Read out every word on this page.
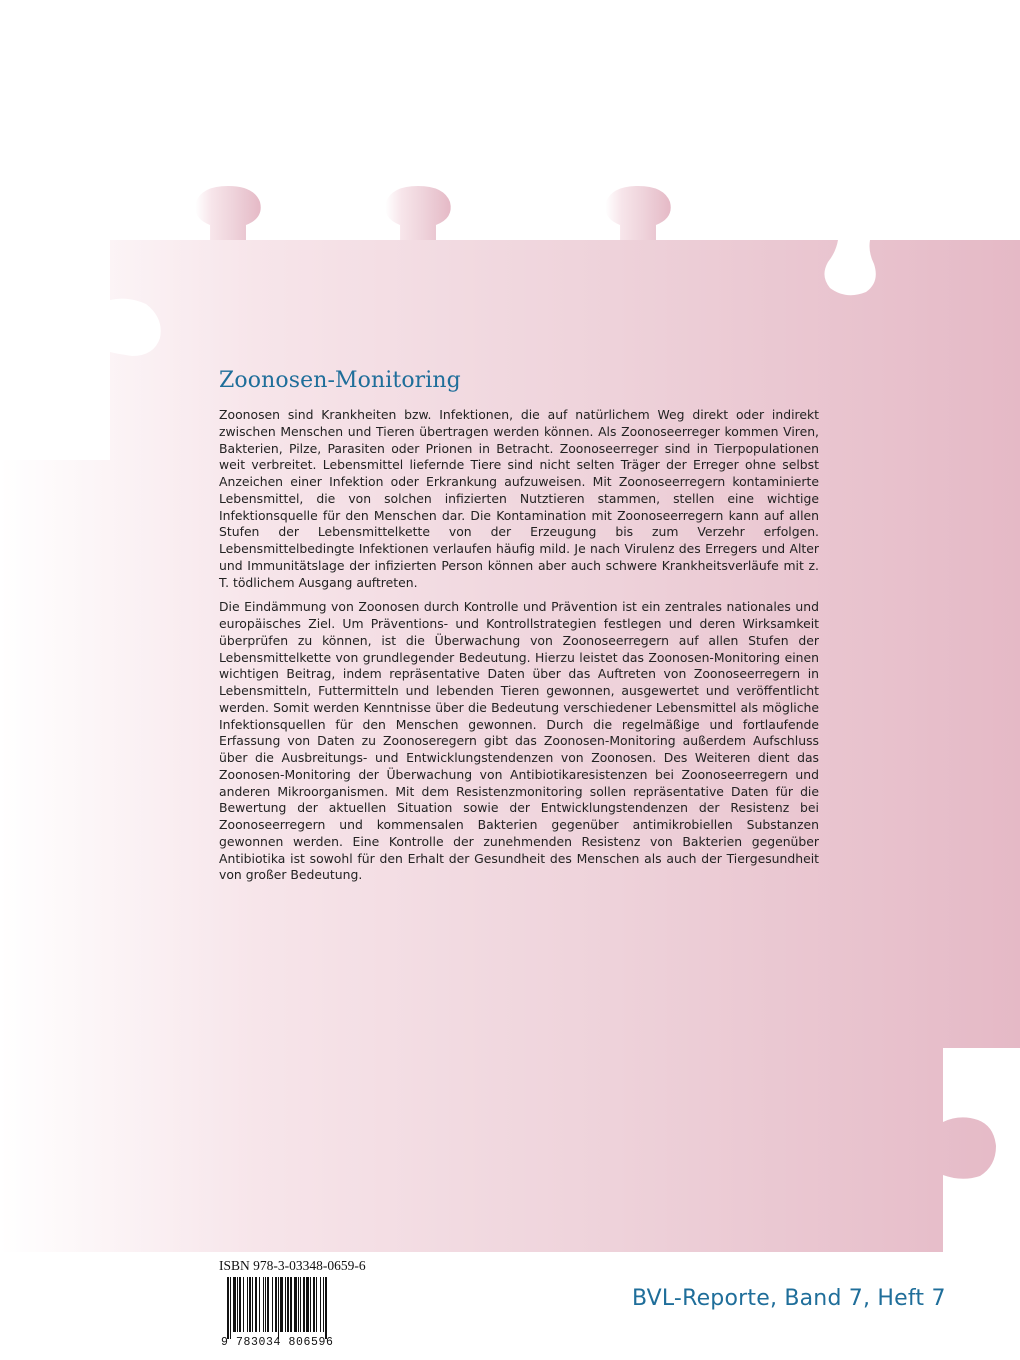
Zoonosen-Monitoring

Zoonosen sind Krankheiten bzw. Infektionen, die auf natürlichem Weg direkt oder indirekt zwischen Menschen und Tieren übertragen werden können. Als Zoonoseerreger kommen Viren, Bakterien, Pilze, Parasiten oder Prionen in Betracht. Zoonoseerreger sind in Tierpopulationen weit verbreitet. Lebensmittel liefernde Tiere sind nicht selten Träger der Erreger ohne selbst Anzeichen einer Infektion oder Erkrankung aufzuweisen. Mit Zoonoseerregern kontaminierte Lebensmittel, die von solchen infizierten Nutztieren stammen, stellen eine wichtige Infektionsquelle für den Menschen dar. Die Kontamination mit Zoonoseerregern kann auf allen Stufen der Lebensmittelkette von der Erzeugung bis zum Verzehr erfolgen. Lebensmittelbedingte Infektionen verlaufen häufig mild. Je nach Virulenz des Erregers und Alter und Immunitätslage der infizierten Person können aber auch schwere Krankheitsverläufe mit z. T. tödlichem Ausgang auftreten.

Die Eindämmung von Zoonosen durch Kontrolle und Prävention ist ein zentrales nationales und europäisches Ziel. Um Präventions- und Kontrollstrategien festlegen und deren Wirksamkeit überprüfen zu können, ist die Überwachung von Zoonoseerregern auf allen Stufen der Lebensmittelkette von grundlegender Bedeutung. Hierzu leistet das Zoonosen-Monitoring einen wichtigen Beitrag, indem repräsentative Daten über das Auftreten von Zoonoseerregern in Lebensmitteln, Futtermitteln und lebenden Tieren gewonnen, ausgewertet und veröffentlicht werden. Somit werden Kenntnisse über die Bedeutung verschiedener Lebensmittel als mögliche Infektionsquellen für den Menschen gewonnen. Durch die regelmäßige und fortlaufende Erfassung von Daten zu Zoonoseregern gibt das Zoonosen-Monitoring außerdem Aufschluss über die Ausbreitungs- und Entwicklungstendenzen von Zoonosen. Des Weiteren dient das Zoonosen-Monitoring der Überwachung von Antibiotikaresistenzen bei Zoonoseerregern und anderen Mikroorganismen. Mit dem Resistenzmonitoring sollen repräsentative Daten für die Bewertung der aktuellen Situation sowie der Entwicklungstendenzen der Resistenz bei Zoonoseerregern und kommensalen Bakterien gegenüber antimikrobiellen Substanzen gewonnen werden. Eine Kontrolle der zunehmenden Resistenz von Bakterien gegenüber Antibiotika ist sowohl für den Erhalt der Gesundheit des Menschen als auch der Tiergesundheit von großer Bedeutung.

ISBN 978-3-03348-0659-6
9 783034 806596
BVL-Reporte, Band 7, Heft 7
